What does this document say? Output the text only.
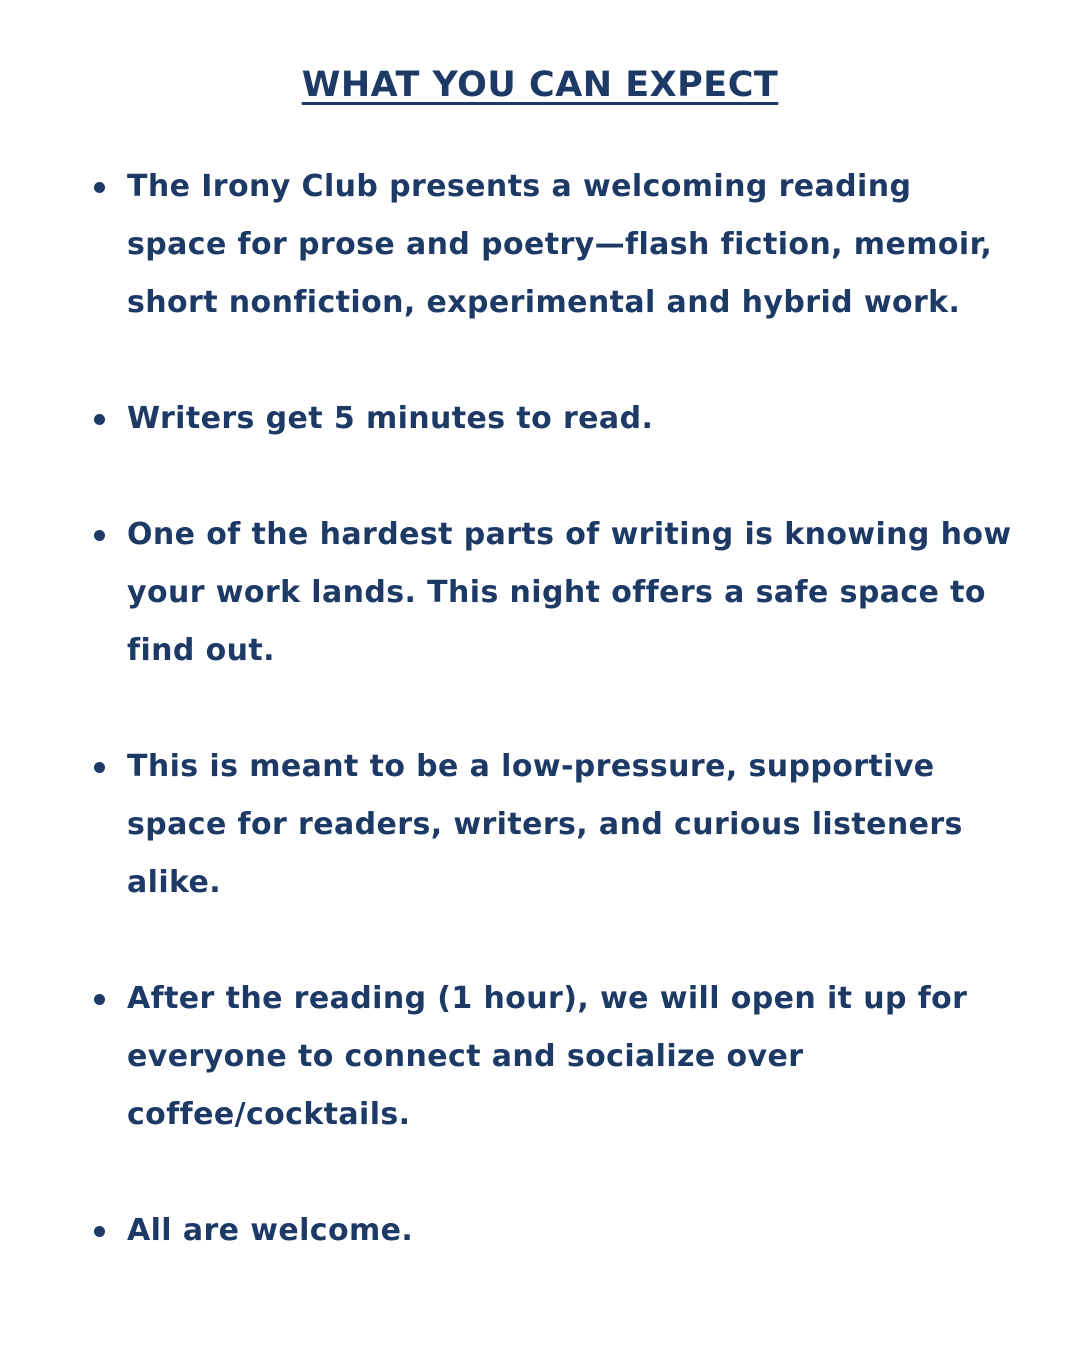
WHAT YOU CAN EXPECT
The Irony Club presents a welcoming reading space for prose and poetry—flash fiction, memoir, short nonfiction, experimental and hybrid work.
Writers get 5 minutes to read.
One of the hardest parts of writing is knowing how your work lands. This night offers a safe space to find out.
This is meant to be a low-pressure, supportive space for readers, writers, and curious listeners alike.
After the reading (1 hour), we will open it up for everyone to connect and socialize over coffee/cocktails.
All are welcome.
